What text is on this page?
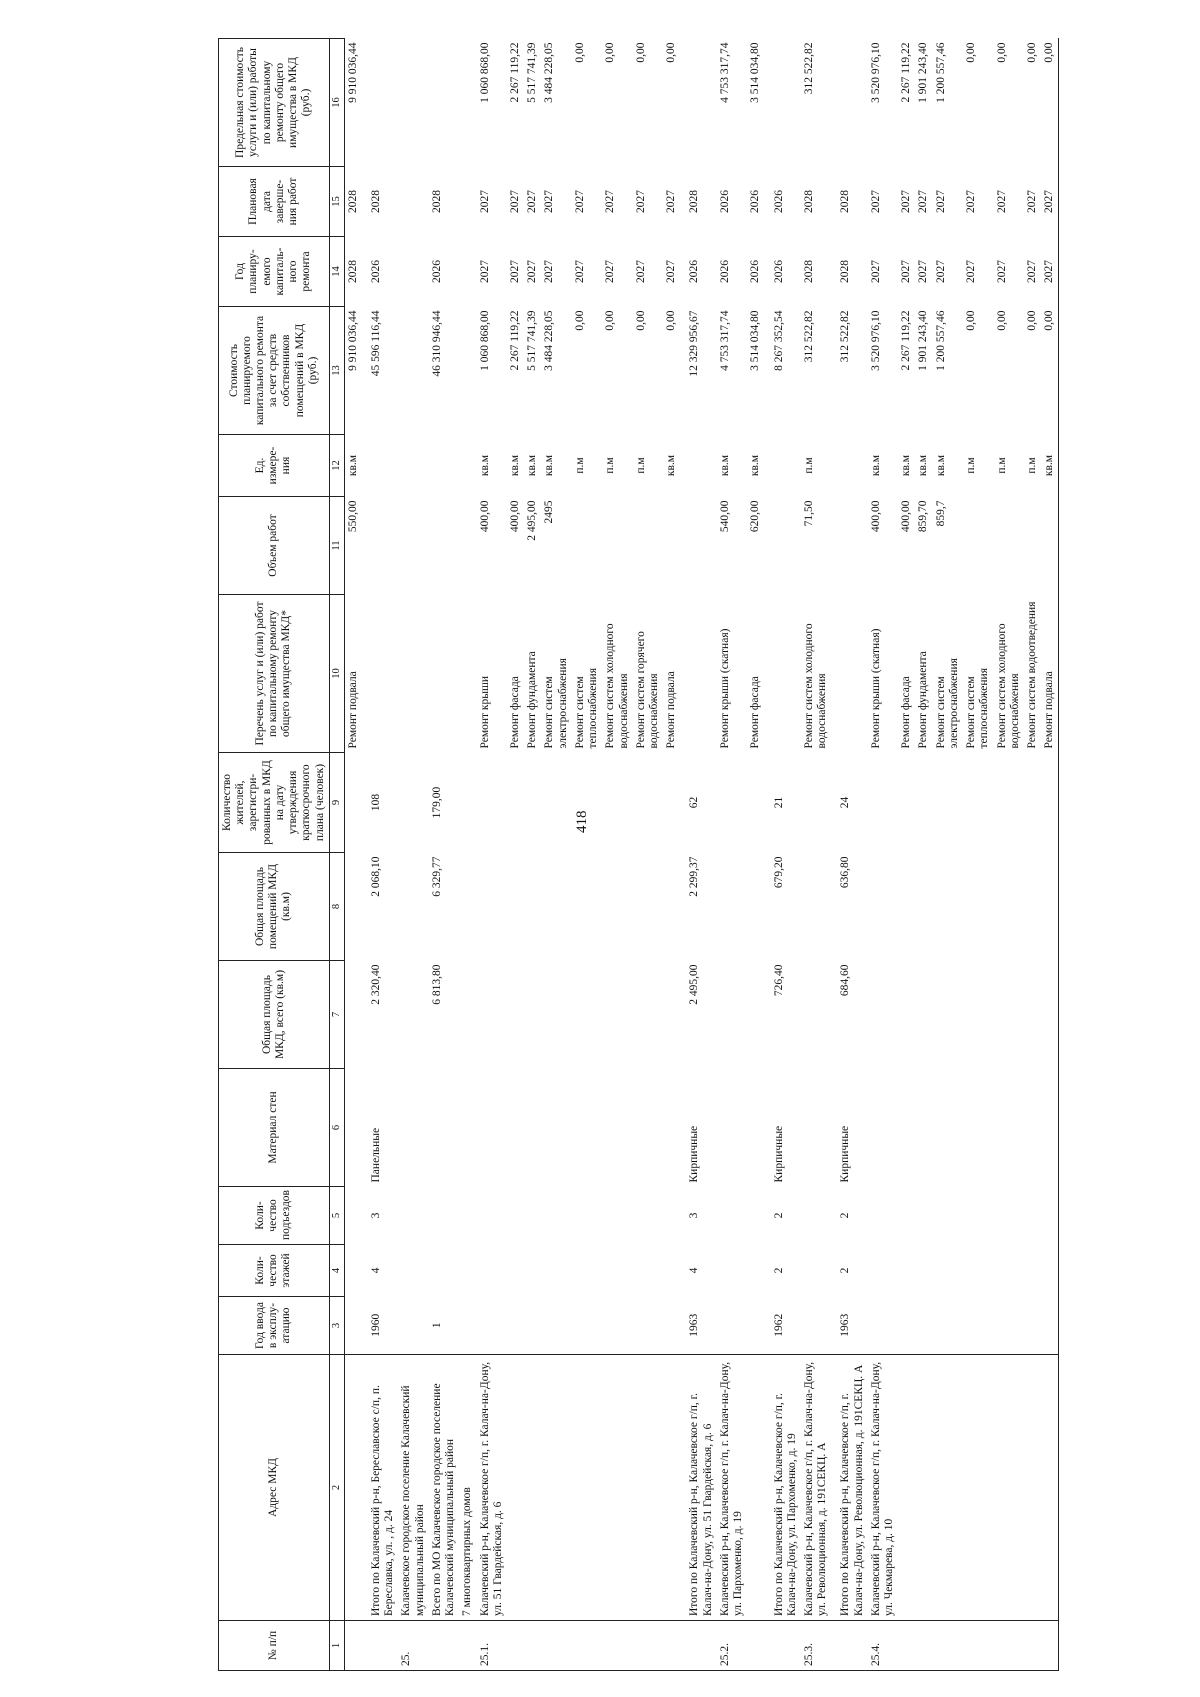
418
№ п/п	Адрес МКД	Год ввода в эксплу-атацию	Коли-чество этажей	Коли-чество подъездов	Материал стен	Общая площадь МКД, всего (кв.м)	Общая площадь помещений МКД (кв.м)	Количество жителей, зарегистри-рованных в МКД на дату утверждения краткосрочного плана (человек)	Перечень услуг и (или) работ по капитальному ремонту общего имущества МКД*	Объем работ	Ед. измере-ния	Стоимость планируемого капитального ремонта за счет средств собственников помещений в МКД (руб.)	Год планиру-емого капиталь-ного ремонта	Плановая дата заверше-ния работ	Предельная стоимость услуги и (или) работы по капитальному ремонту общего имущества в МКД (руб.)
1	2	3	4	5	6	7	8	9	10	11	12	13	14	15	16
									Ремонт подвала	550,00	кв.м	9 910 036,44	2028	2028	9 910 036,44
	Итого по Калачевский р-н, Береславское с/п, п. Береславка, ул. , д. 24	1960	4	3	Панельные	2 320,40	2 068,10	108				45 596 116,44	2026	2028	
25.	Калачевское городское поселение Калачевский муниципальный район														
	Всего по МО Калачевское городское поселение Калачевский муниципальный район	1				6 813,80	6 329,77	179,00				46 310 946,44	2026	2028	
	7 многоквартирных домов														
25.1.	Калачевский р-н, Калачевское г/п, г. Калач-на-Дону, ул. 51 Гвардейская, д. 6								Ремонт крыши	400,00	кв.м	1 060 868,00	2027	2027	1 060 868,00
									Ремонт фасада	400,00	кв.м	2 267 119,22	2027	2027	2 267 119,22
									Ремонт фундамента	2 495,00	кв.м	5 517 741,39	2027	2027	5 517 741,39
									Ремонт систем электроснабжения	2495	кв.м	3 484 228,05	2027	2027	3 484 228,05
									Ремонт систем теплоснабжения		п.м	0,00	2027	2027	0,00
									Ремонт систем холодного водоснабжения		п.м	0,00	2027	2027	0,00
									Ремонт систем горячего водоснабжения		п.м	0,00	2027	2027	0,00
									Ремонт подвала		кв.м	0,00	2027	2027	0,00
	Итого по Калачевский р-н, Калачевское г/п, г. Калач-на-Дону, ул. 51 Гвардейская, д. 6	1963	4	3	Кирпичные	2 495,00	2 299,37	62				12 329 956,67	2026	2028	
25.2.	Калачевский р-н, Калачевское г/п, г. Калач-на-Дону, ул. Пархоменко, д. 19								Ремонт крыши (скатная)	540,00	кв.м	4 753 317,74	2026	2026	4 753 317,74
									Ремонт фасада	620,00	кв.м	3 514 034,80	2026	2026	3 514 034,80
	Итого по Калачевский р-н, Калачевское г/п, г. Калач-на-Дону, ул. Пархоменко, д. 19	1962	2	2	Кирпичные	726,40	679,20	21				8 267 352,54	2026	2026	
25.3.	Калачевский р-н, Калачевское г/п, г. Калач-на-Дону, ул. Революционная, д. 191СЕКЦ. А								Ремонт систем холодного водоснабжения	71,50	п.м	312 522,82	2028	2028	312 522,82
	Итого по Калачевский р-н, Калачевское г/п, г. Калач-на-Дону, ул. Революционная, д. 191СЕКЦ. А	1963	2	2	Кирпичные	684,60	636,80	24				312 522,82	2028	2028	
25.4.	Калачевский р-н, Калачевское г/п, г. Калач-на-Дону, ул. Чекмарева, д. 10								Ремонт крыши (скатная)	400,00	кв.м	3 520 976,10	2027	2027	3 520 976,10
									Ремонт фасада	400,00	кв.м	2 267 119,22	2027	2027	2 267 119,22
									Ремонт фундамента	859,70	кв.м	1 901 243,40	2027	2027	1 901 243,40
									Ремонт систем электроснабжения	859,7	кв.м	1 200 557,46	2027	2027	1 200 557,46
									Ремонт систем теплоснабжения		п.м	0,00	2027	2027	0,00
									Ремонт систем холодного водоснабжения		п.м	0,00	2027	2027	0,00
									Ремонт систем водоотведения		п.м	0,00	2027	2027	0,00
									Ремонт подвала		кв.м	0,00	2027	2027	0,00
